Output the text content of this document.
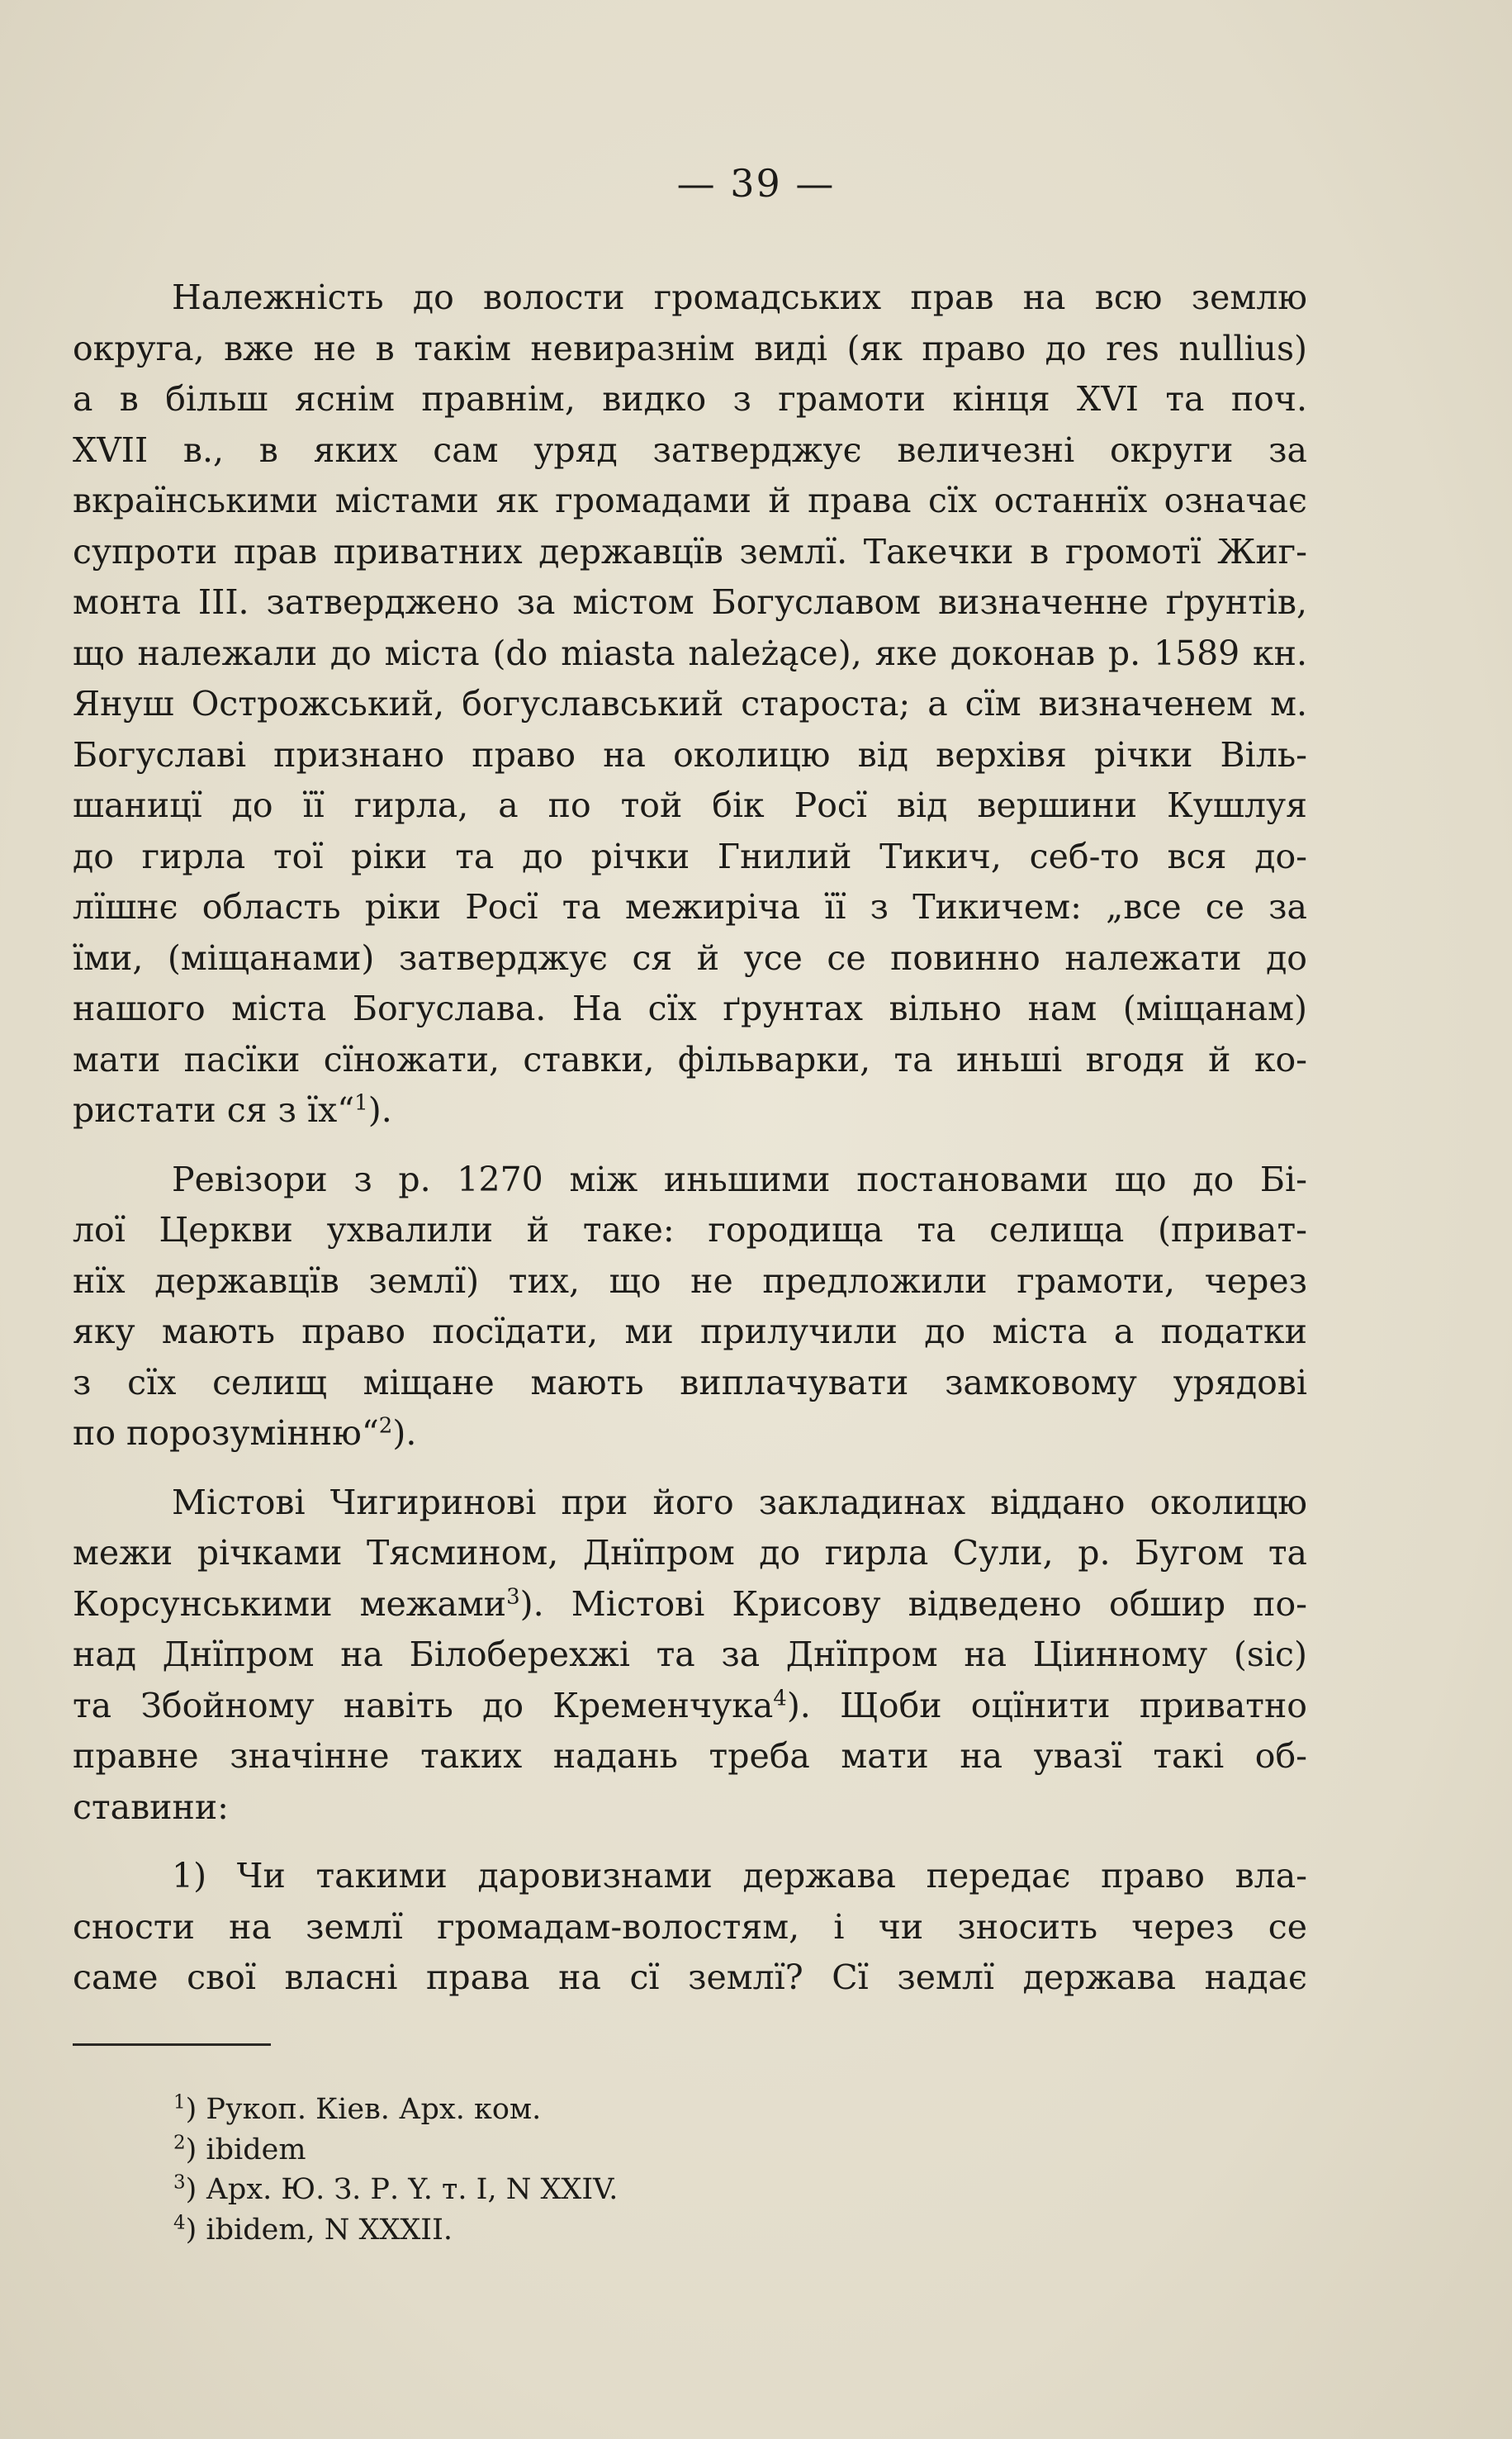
— 39 —
Належність до волости громадських прав на всю землю
округа, вже не в такім невиразнім виді (як право до res nullius)
а в більш яснім правнім, видко з грамоти кінця XVI та поч.
XVII в., в яких сам уряд затверджує величезні округи за
вкраїнськими містами як громадами й права сїх останнїх означає
супроти прав приватних державцїв землї. Такечки в громотї Жиг-
монта III. затверджено за містом Богуславом визначенне ґрунтів,
що належали до міста (do miasta należące), яке доконав р. 1589 кн.
Януш Острожський, богуславський староста; а сїм визначенем м.
Богуславі признано право на околицю від верхівя річки Віль-
шаницї до її гирла, а по той бік Росї від вершини Кушлуя
до гирла тої ріки та до річки Гнилий Тикич, себ-то вся до-
лїшнє область ріки Росї та межиріча її з Тикичем: „все се за
їми, (міщанами) затверджує ся й усе се повинно належати до
нашого міста Богуслава. На сїх ґрунтах вільно нам (міщанам)
мати пасїки сїножати, ставки, фільварки, та иньші вгодя й ко-
ристати ся з їх“$^1$).
Ревізори з р. 1270 між иньшими постановами що до Бі-
лої Церкви ухвалили й таке: городища та селища (приват-
нїх державцїв землї) тих, що не предложили грамоти, через
яку мають право посїдати, ми прилучили до міста а податки
з сїх селищ міщане мають виплачувати замковому урядові
по порозумінню“$^2$).
Містові Чигиринові при його закладинах віддано околицю
межи річками Тясмином, Днїпром до гирла Сули, р. Бугом та
Корсунськими межами$^3$). Містові Крисову відведено обшир по-
над Днїпром на Білоберехжі та за Днїпром на Ціинному (sic)
та Збойному навіть до Кременчука$^4$). Щоби оцїнити приватно
правне значінне таких надань треба мати на увазї такі об-
ставини:
1) Чи такими даровизнами держава передає право вла-
сности на землї громадам-волостям, і чи зносить через се
саме свої власні права на сї землї? Сї землї держава надає
$^1$) Рукоп. Кіев. Арх. ком.
$^2$) ibidem
$^3$) Арх. Ю. З. Р. Y. т. I, N XXIV.
$^4$) ibidem, N XXXII.
